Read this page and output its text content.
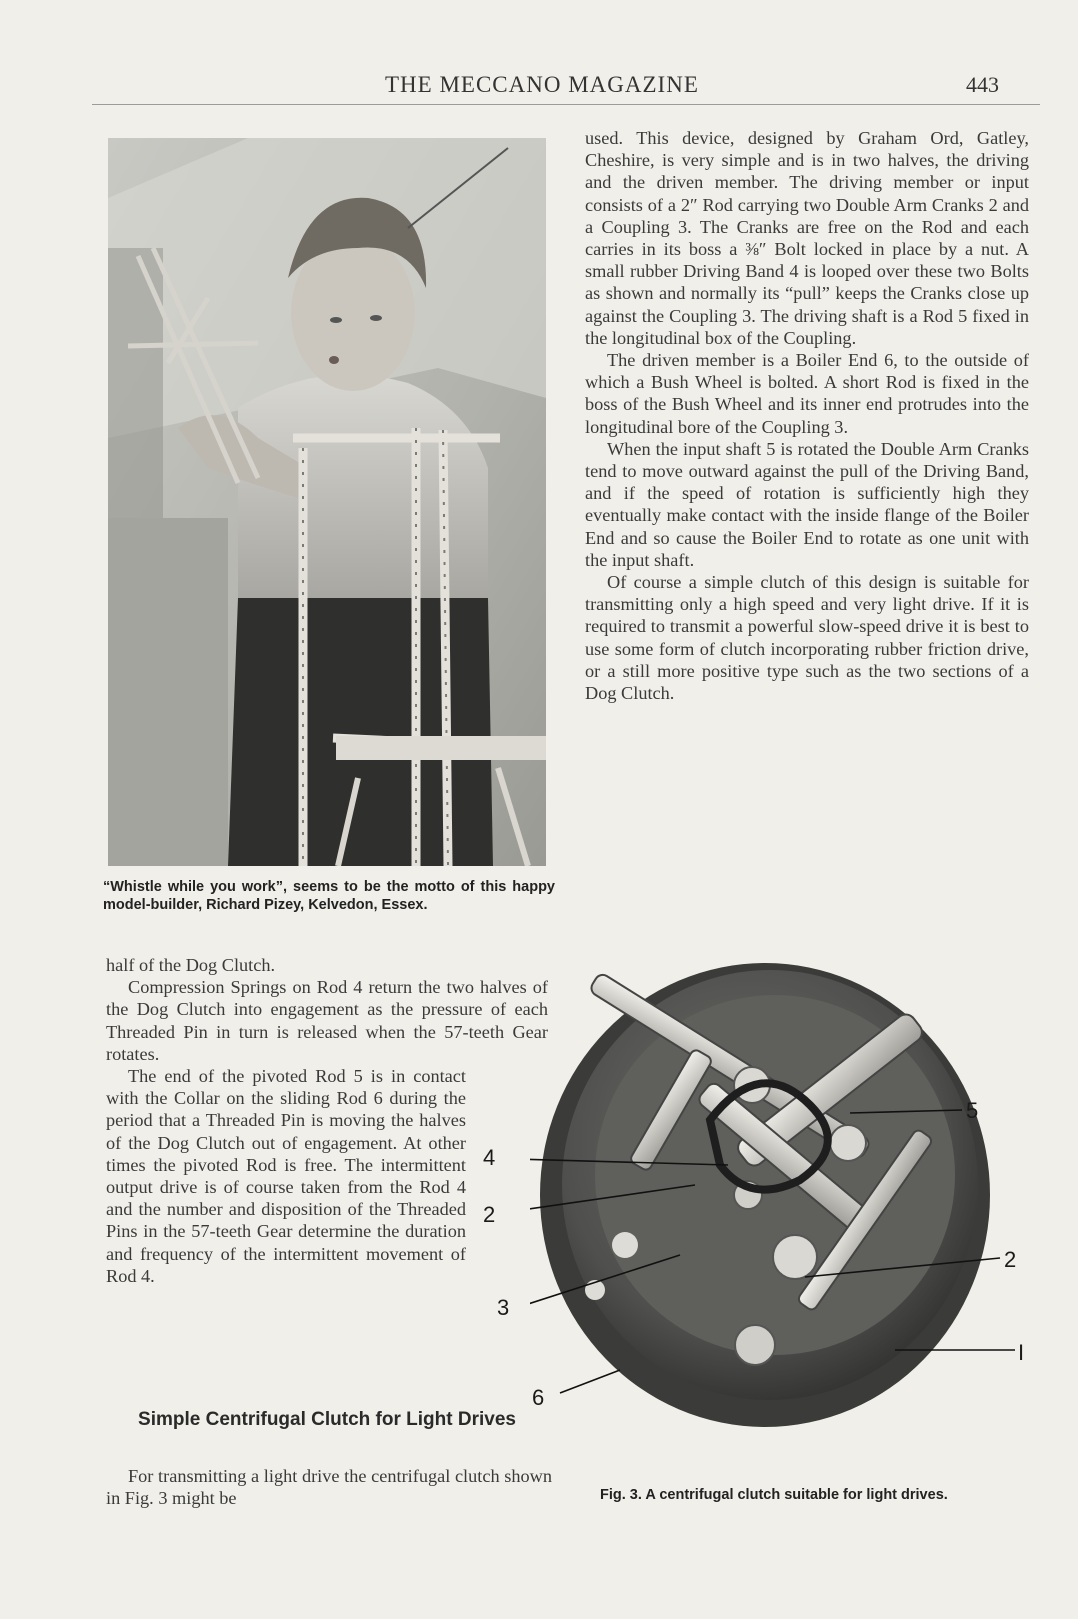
THE MECCANO MAGAZINE	443
“Whistle while you work”, seems to be the motto of this happy model-builder, Richard Pizey, Kelvedon, Essex.

used. This device, designed by Graham Ord, Gatley, Cheshire, is very simple and is in two halves, the driving and the driven member. The driving member or input consists of a 2″ Rod carrying two Double Arm Cranks 2 and a Coupling 3. The Cranks are free on the Rod and each carries in its boss a ⅜″ Bolt locked in place by a nut. A small rubber Driving Band 4 is looped over these two Bolts as shown and normally its “pull” keeps the Cranks close up against the Coupling 3. The driving shaft is a Rod 5 fixed in the longitudinal box of the Coupling.

The driven member is a Boiler End 6, to the outside of which a Bush Wheel is bolted. A short Rod is fixed in the boss of the Bush Wheel and its inner end protrudes into the longitudinal bore of the Coupling 3.

When the input shaft 5 is rotated the Double Arm Cranks tend to move outward against the pull of the Driving Band, and if the speed of rotation is sufficiently high they eventually make contact with the inside flange of the Boiler End and so cause the Boiler End to rotate as one unit with the input shaft.

Of course a simple clutch of this design is suitable for transmitting only a high speed and very light drive. If it is required to transmit a powerful slow-speed drive it is best to use some form of clutch incorporating rubber friction drive, or a still more positive type such as the two sections of a Dog Clutch.

half of the Dog Clutch.

Compression Springs on Rod 4 return the two halves of the Dog Clutch into engagement as the pressure of each Threaded Pin in turn is released when the 57-teeth Gear rotates.

The end of the pivoted Rod 5 is in contact with the Collar on the sliding Rod 6 during the period that a Threaded Pin is moving the halves of the Dog Clutch out of engagement. At other times the pivoted Rod is free. The intermittent output drive is of course taken from the Rod 4 and the number and disposition of the Threaded Pins in the 57-teeth Gear determine the duration and frequency of the intermittent movement of Rod 4.

Simple Centrifugal Clutch for Light Drives

For transmitting a light drive the centrifugal clutch shown in Fig. 3 might be

5
4
2
2
3
6
I
Fig. 3. A centrifugal clutch suitable for light drives.
